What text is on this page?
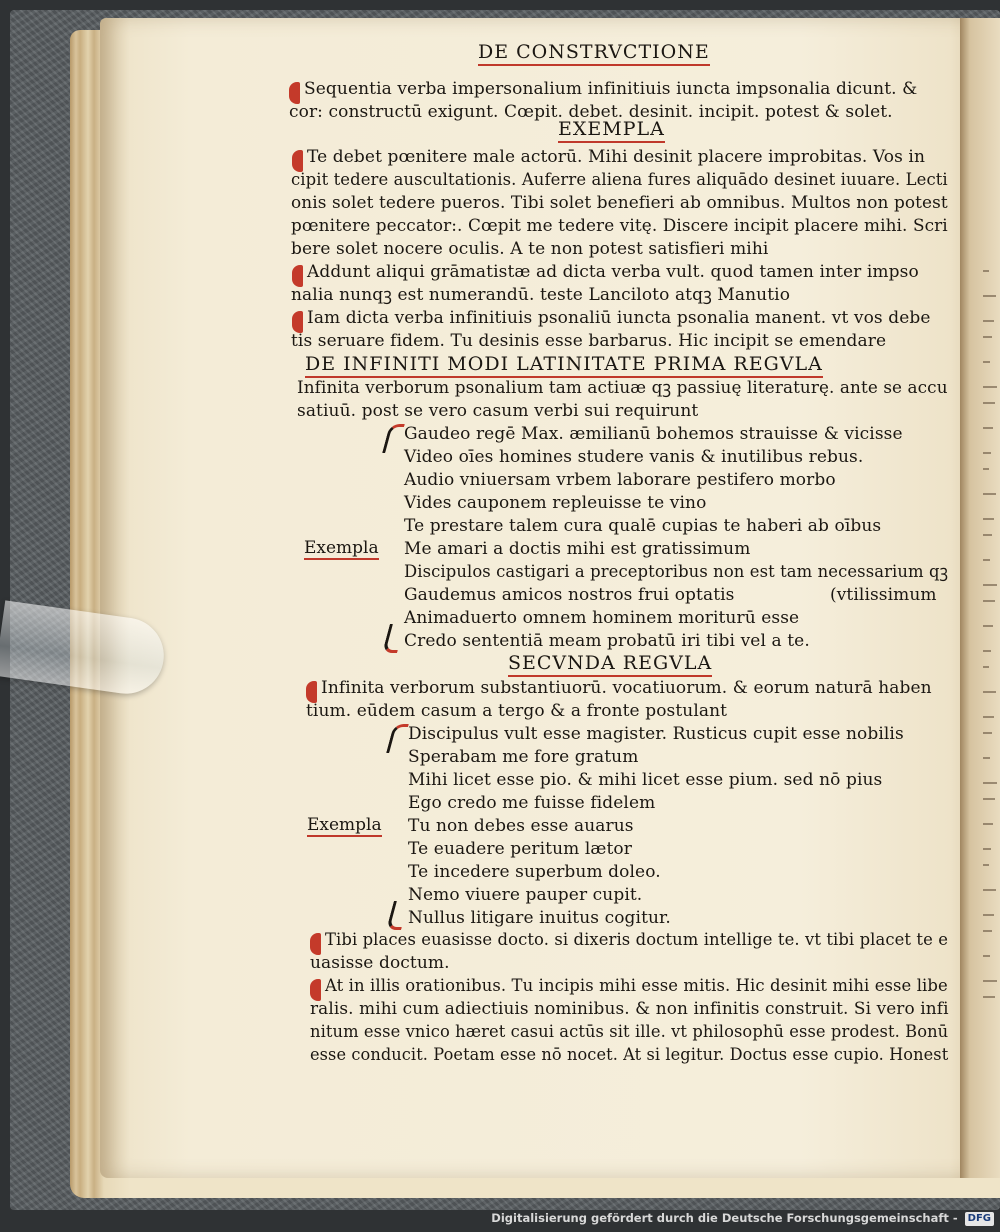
DE CONSTRVCTIONE
Sequentia verba impersonalium infinitiuis iuncta impsonalia dicunt. &
cor: constructū exigunt. Cœpit. debet. desinit. incipit. potest & solet.
EXEMPLA
Te debet pœnitere male actorū. Mihi desinit placere improbitas. Vos in
cipit tedere auscultationis. Auferre aliena fures aliquādo desinet iuuare. Lecti
onis solet tedere pueros. Tibi solet benefieri ab omnibus. Multos non potest
pœnitere peccator:. Cœpit me tedere vitę. Discere incipit placere mihi. Scri
bere solet nocere oculis. A te non potest satisfieri mihi
Addunt aliqui grāmatistæ ad dicta verba vult. quod tamen inter impso
nalia nunqꝫ est numerandū. teste Lanciloto atqꝫ Manutio
Iam dicta verba infinitiuis psonaliū iuncta psonalia manent. vt vos debe
tis seruare fidem. Tu desinis esse barbarus. Hic incipit se emendare
DE INFINITI MODI LATINITATE PRIMA REGVLA
Infinita verborum psonalium tam actiuæ qꝫ passiuę literaturę. ante se accu
satiuū. post se vero casum verbi sui requirunt
Gaudeo regē Max. æmilianū bohemos strauisse & vicisse
Video oīes homines studere vanis & inutilibus rebus.
Audio vniuersam vrbem laborare pestifero morbo
Vides cauponem repleuisse te vino
Te prestare talem cura qualē cupias te haberi ab oībus
Exempla Me amari a doctis mihi est gratissimum
Discipulos castigari a preceptoribus non est tam necessarium qꝫ
Gaudemus amicos nostros frui optatis	(vtilissimum
Animaduerto omnem hominem moriturū esse
Credo sententiā meam probatū iri tibi vel a te.
SECVNDA REGVLA
Infinita verborum substantiuorū. vocatiuorum. & eorum naturā haben
tium. eūdem casum a tergo & a fronte postulant
Discipulus vult esse magister. Rusticus cupit esse nobilis
Sperabam me fore gratum
Mihi licet esse pio. & mihi licet esse pium. sed nō pius
Ego credo me fuisse fidelem
Exempla Tu non debes esse auarus
Te euadere peritum lætor
Te incedere superbum doleo.
Nemo viuere pauper cupit.
Nullus litigare inuitus cogitur.
Tibi places euasisse docto. si dixeris doctum intellige te. vt tibi placet te e
uasisse doctum.
At in illis orationibus. Tu incipis mihi esse mitis. Hic desinit mihi esse libe
ralis. mihi cum adiectiuis nominibus. & non infinitis construit. Si vero infi
nitum esse vnico hæret casui actūs sit ille. vt philosophū esse prodest. Bonū
esse conducit. Poetam esse nō nocet. At si legitur. Doctus esse cupio. Honest
Digitalisierung gefördert durch die Deutsche Forschungsgemeinschaft - DFG
